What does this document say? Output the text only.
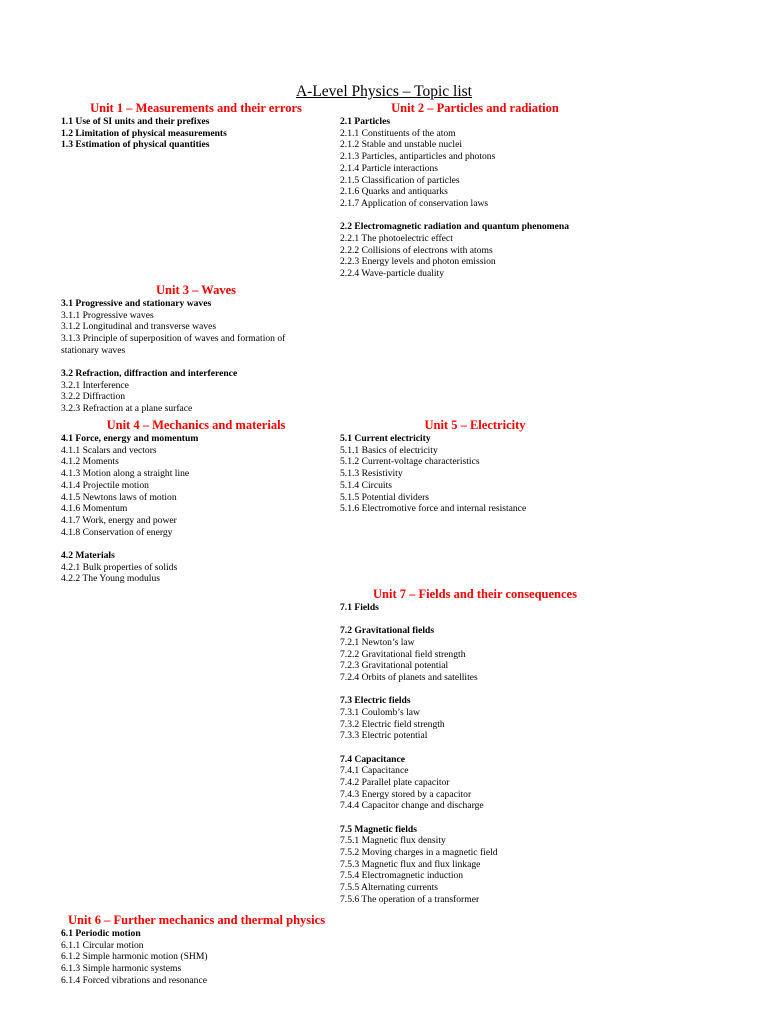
A-Level Physics – Topic list
Unit 1 – Measurements and their errors
1.1 Use of SI units and their prefixes
1.2 Limitation of physical measurements
1.3 Estimation of physical quantities
Unit 2 – Particles and radiation
2.1 Particles
2.1.1 Constituents of the atom
2.1.2 Stable and unstable nuclei
2.1.3 Particles, antiparticles and photons
2.1.4 Particle interactions
2.1.5 Classification of particles
2.1.6 Quarks and antiquarks
2.1.7 Application of conservation laws
2.2 Electromagnetic radiation and quantum phenomena
2.2.1 The photoelectric effect
2.2.2 Collisions of electrons with atoms
2.2.3 Energy levels and photon emission
2.2.4 Wave-particle duality
Unit 3 – Waves
3.1 Progressive and stationary waves
3.1.1 Progressive waves
3.1.2 Longitudinal and transverse waves
3.1.3 Principle of superposition of waves and formation of stationary waves
3.2 Refraction, diffraction and interference
3.2.1 Interference
3.2.2 Diffraction
3.2.3 Refraction at a plane surface
Unit 4 – Mechanics and materials
4.1 Force, energy and momentum
4.1.1 Scalars and vectors
4.1.2 Moments
4.1.3 Motion along a straight line
4.1.4 Projectile motion
4.1.5 Newtons laws of motion
4.1.6 Momentum
4.1.7 Work, energy and power
4.1.8 Conservation of energy
4.2 Materials
4.2.1 Bulk properties of solids
4.2.2 The Young modulus
Unit 5 – Electricity
5.1 Current electricity
5.1.1 Basics of electricity
5.1.2 Current-voltage characteristics
5.1.3 Resistivity
5.1.4 Circuits
5.1.5 Potential dividers
5.1.6 Electromotive force and internal resistance
Unit 7 – Fields and their consequences
7.1 Fields
7.2 Gravitational fields
7.2.1 Newton’s law
7.2.2 Gravitational field strength
7.2.3 Gravitational potential
7.2.4 Orbits of planets and satellites
7.3 Electric fields
7.3.1 Coulomb’s law
7.3.2 Electric field strength
7.3.3 Electric potential
7.4 Capacitance
7.4.1 Capacitance
7.4.2 Parallel plate capacitor
7.4.3 Energy stored by a capacitor
7.4.4 Capacitor change and discharge
7.5 Magnetic fields
7.5.1 Magnetic flux density
7.5.2 Moving charges in a magnetic field
7.5.3 Magnetic flux and flux linkage
7.5.4 Electromagnetic induction
7.5.5 Alternating currents
7.5.6 The operation of a transformer
Unit 6 – Further mechanics and thermal physics
6.1 Periodic motion
6.1.1 Circular motion
6.1.2 Simple harmonic motion (SHM)
6.1.3 Simple harmonic systems
6.1.4 Forced vibrations and resonance
